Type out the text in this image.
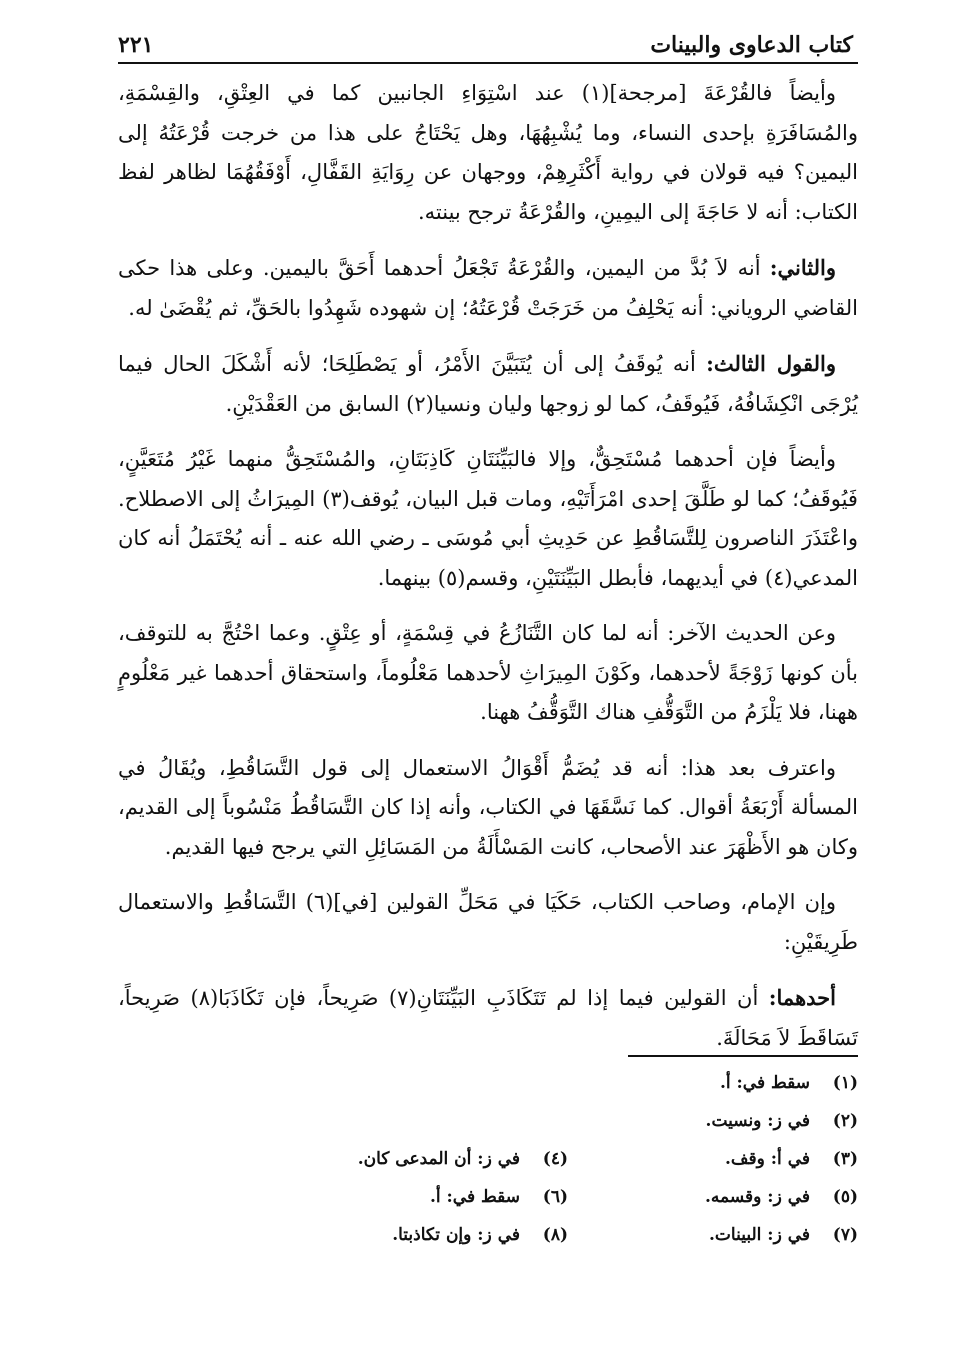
كتاب الدعاوى والبينات
٢٢١

وأيضاً فالقُرْعَةَ [مرجحة](١) عند اسْتِوَاءِ الجانبين كما في العِتْقِ، والقِسْمَةِ، والمُسَافَرَةِ بإحدى النساء، وما يُشْبِهُهَا، وهل يَحْتَاجُ على هذا من خرجت قُرْعَتُهُ إلى اليمين؟ فيه قولان في رواية أَكْثَرِهِمْ، ووجهان عن رِوَايَةِ القَفَّالِ، أَوْفَقُهُمَا لظاهر لفظ الكتاب: أنه لا حَاجَةَ إلى اليمِينِ، والقُرْعَةُ ترجح بينته.

والثاني: أنه لاَ بُدَّ من اليمين، والقُرْعَةُ تَجْعَلُ أحدهما أَحَقَّ باليمين. وعلى هذا حكى القاضي الروياني: أنه يَحْلِفُ من خَرَجَتْ قُرْعَتُهُ؛ إن شهوده شَهِدُوا بالحَقِّ، ثم يُقْضَىٰ له.

والقول الثالث: أنه يُوقَفُ إلى أن يُتَبَيَّنَ الأَمْرُ، أو يَصْطَلِحَا؛ لأنه أَشْكَلَ الحال فيما يُرْجَى انْكِشَافُهُ، فَيُوقَفُ، كما لو زوجها وليان ونسيا(٢) السابق من العَقْدَيْنِ.

وأيضاً فإن أحدهما مُسْتَحِقٌّ، وإلا فالبَيِّنَتَانِ كَاذِبَتَانِ، والمُسْتَحِقُّ منهما غَيْرُ مُتَعَيَّنٍ، فَيُوقَفُ؛ كما لو طَلَّقَ إحدى امْرَأَتَيْهِ، ومات قبل البيان، يُوقف(٣) المِيرَاثُ إلى الاصطلاح. واعْتَذَرَ الناصرون لِلتَّسَاقُطِ عن حَدِيثِ أبي مُوسَى ـ رضي الله عنه ـ أنه يُحْتَمَلُ أنه كان المدعي(٤) في أيديهما، فأبطل البَيِّنَتَيْنِ، وقسم(٥) بينهما.

وعن الحديث الآخر: أنه لما كان التَّنَازُعُ في قِسْمَةٍ، أو عِتْقٍ. وعما احْتُجَّ به للتوقف، بأن كونها زَوْجَةً لأحدهما، وكَوْنَ المِيرَاثِ لأحدهما مَعْلُوماً، واستحقاق أحدهما غير مَعْلُومٍ ههنا، فلا يَلْزَمُ من التَّوَقُّفِ هناك التَّوَقُّفُ ههنا.

واعترف بعد هذا: أنه قد يُضَمُّ أَقْوَالُ الاستعمال إلى قول التَّسَاقُطِ، ويُقَالُ في المسألة أَرْبَعَةُ أقوال. كما نَسَّقَهَا في الكتاب، وأنه إذا كان التَّسَاقُطُ مَنْسُوباً إلى القديم، وكان هو الأَظْهَرَ عند الأصحاب، كانت المَسْأَلَةُ من المَسَائِلِ التي يرجح فيها القديم.

وإن الإمام، وصاحب الكتاب، حَكَيَا في مَحَلِّ القولين [في](٦) التَّسَاقُطِ والاستعمال طَرِيقَيْنِ:

أحدهما: أن القولين فيما إذا لم تَتَكَاذَبِ البَيِّنَتَانِ(٧) صَرِيحاً، فإن تَكَاذَبَا(٨) صَرِيحاً، تَسَاقَطَ لاَ مَحَالَةَ.

(١)
سقط في: أ.
(٢)
في ز: ونسيت.
(٣)
في أ: وقف.
(٤)
في ز: أن المدعى كان.
(٥)
في ز: وقسمه.
(٦)
سقط في: أ.
(٧)
في ز: البينات.
(٨)
في ز: وإن تكاذبتا.
